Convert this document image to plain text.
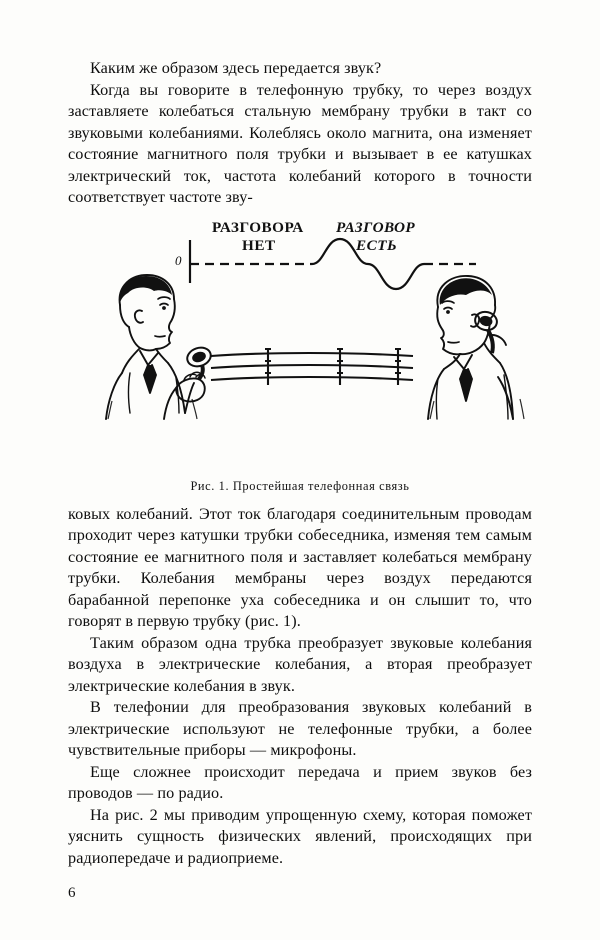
Каким же образом здесь передается звук?

Когда вы говорите в телефонную трубку, то через воздух заставляете колебаться стальную мембрану трубки в такт со звуковыми колебаниями. Колеблясь около магнита, она изменяет состояние магнитного поля трубки и вызывает в ее катушках электрический ток, частота колебаний которого в точности соответствует частоте зву-

РАЗГОВОРА
НЕТ
РАЗГОВОР
ЕСТЬ
0
Рис. 1. Простейшая телефонная связь

ковых колебаний. Этот ток благодаря соединительным проводам проходит через катушки трубки собеседника, изменяя тем самым состояние ее магнитного поля и заставляет колебаться мембрану трубки. Колебания мембраны через воздух передаются барабанной перепонке уха собеседника и он слышит то, что говорят в первую трубку (рис. 1).

Таким образом одна трубка преобразует звуковые колебания воздуха в электрические колебания, а вторая преобразует электрические колебания в звук.

В телефонии для преобразования звуковых колебаний в электрические используют не телефонные трубки, а более чувствительные приборы — микрофоны.

Еще сложнее происходит передача и прием звуков без проводов — по радио.

На рис. 2 мы приводим упрощенную схему, которая поможет уяснить сущность физических явлений, происходящих при радиопередаче и радиоприеме.

6
